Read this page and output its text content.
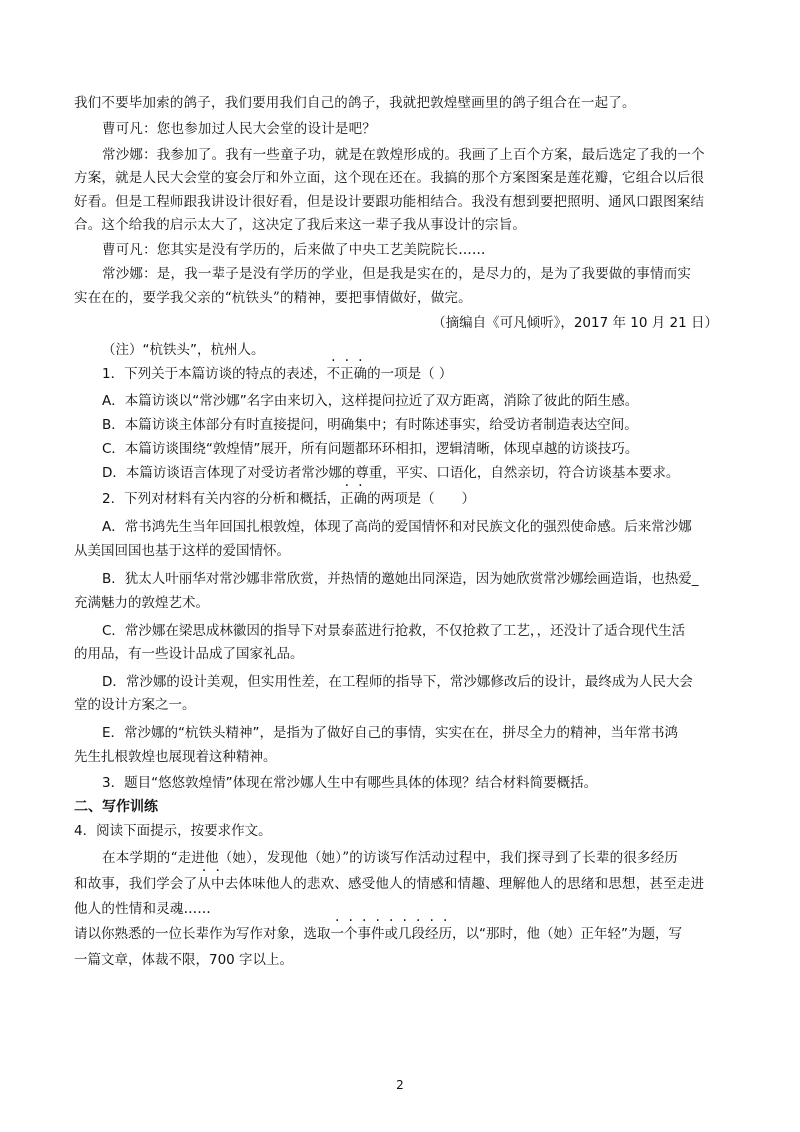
我们不要毕加索的鸽子，我们要用我们自己的鸽子，我就把敦煌壁画里的鸽子组合在一起了。
曹可凡：您也参加过人民大会堂的设计是吧？
常沙娜：我参加了。我有一些童子功，就是在敦煌形成的。我画了上百个方案，最后选定了我的一个
方案，就是人民大会堂的宴会厅和外立面，这个现在还在。我搞的那个方案图案是莲花瓣，它组合以后很
好看。但是工程师跟我讲设计很好看，但是设计要跟功能相结合。我没有想到要把照明、通风口跟图案结
合。这个给我的启示太大了，这决定了我后来这一辈子我从事设计的宗旨。
曹可凡：您其实是没有学历的，后来做了中央工艺美院院长……
常沙娜：是，我一辈子是没有学历的学业，但是我是实在的，是尽力的，是为了我要做的事情而实
实在在的，要学我父亲的“杭铁头”的精神，要把事情做好，做完。
（摘编自《可凡倾听》，2017 年 10 月 21 日）
（注）“杭铁头”，杭州人。
1．下列关于本篇访谈的特点的表述，不正确的一项是（ ）
A．本篇访谈以“常沙娜”名字由来切入，这样提问拉近了双方距离，消除了彼此的陌生感。
B．本篇访谈主体部分有时直接提问，明确集中；有时陈述事实，给受访者制造表达空间。
C．本篇访谈围绕“敦煌情”展开，所有问题都环环相扣，逻辑清晰，体现卓越的访谈技巧。
D．本篇访谈语言体现了对受访者常沙娜的尊重，平实、口语化，自然亲切，符合访谈基本要求。
2．下列对材料有关内容的分析和概括，正确的两项是（　　）
A．常书鸿先生当年回国扎根敦煌，体现了高尚的爱国情怀和对民族文化的强烈使命感。后来常沙娜
从美国回国也基于这样的爱国情怀。
B．犹太人叶丽华对常沙娜非常欣赏，并热情的邀她出同深造，因为她欣赏常沙娜绘画造诣，也热爱_
充满魅力的敦煌艺术。
C．常沙娜在梁思成林徽因的指导下对景泰蓝进行抢救，不仅抢救了工艺，，还没计了适合现代生活
的用品，有一些设计品成了国家礼品。
D．常沙娜的设计美观，但实用性差，在工程师的指导下，常沙娜修改后的设计，最终成为人民大会
堂的设计方案之一。
E．常沙娜的“杭铁头精神”，是指为了做好自己的事情，实实在在，拼尽全力的精神，当年常书鸿
先生扎根敦煌也展现着这种精神。
3．题目“悠悠敦煌情”体现在常沙娜人生中有哪些具体的体现？结合材料简要概括。
二、写作训练
4．阅读下面提示，按要求作文。
在本学期的“走进他（她），发现他（她）”的访谈写作活动过程中，我们探寻到了长辈的很多经历
和故事，我们学会了从中去体味他人的悲欢、感受他人的情感和情趣、理解他人的思绪和思想，甚至走进
他人的性情和灵魂……
请以你熟悉的一位长辈作为写作对象，选取一个事件或几段经历，以“那时，他（她）正年轻”为题，写
一篇文章，体裁不限，700 字以上。
2
